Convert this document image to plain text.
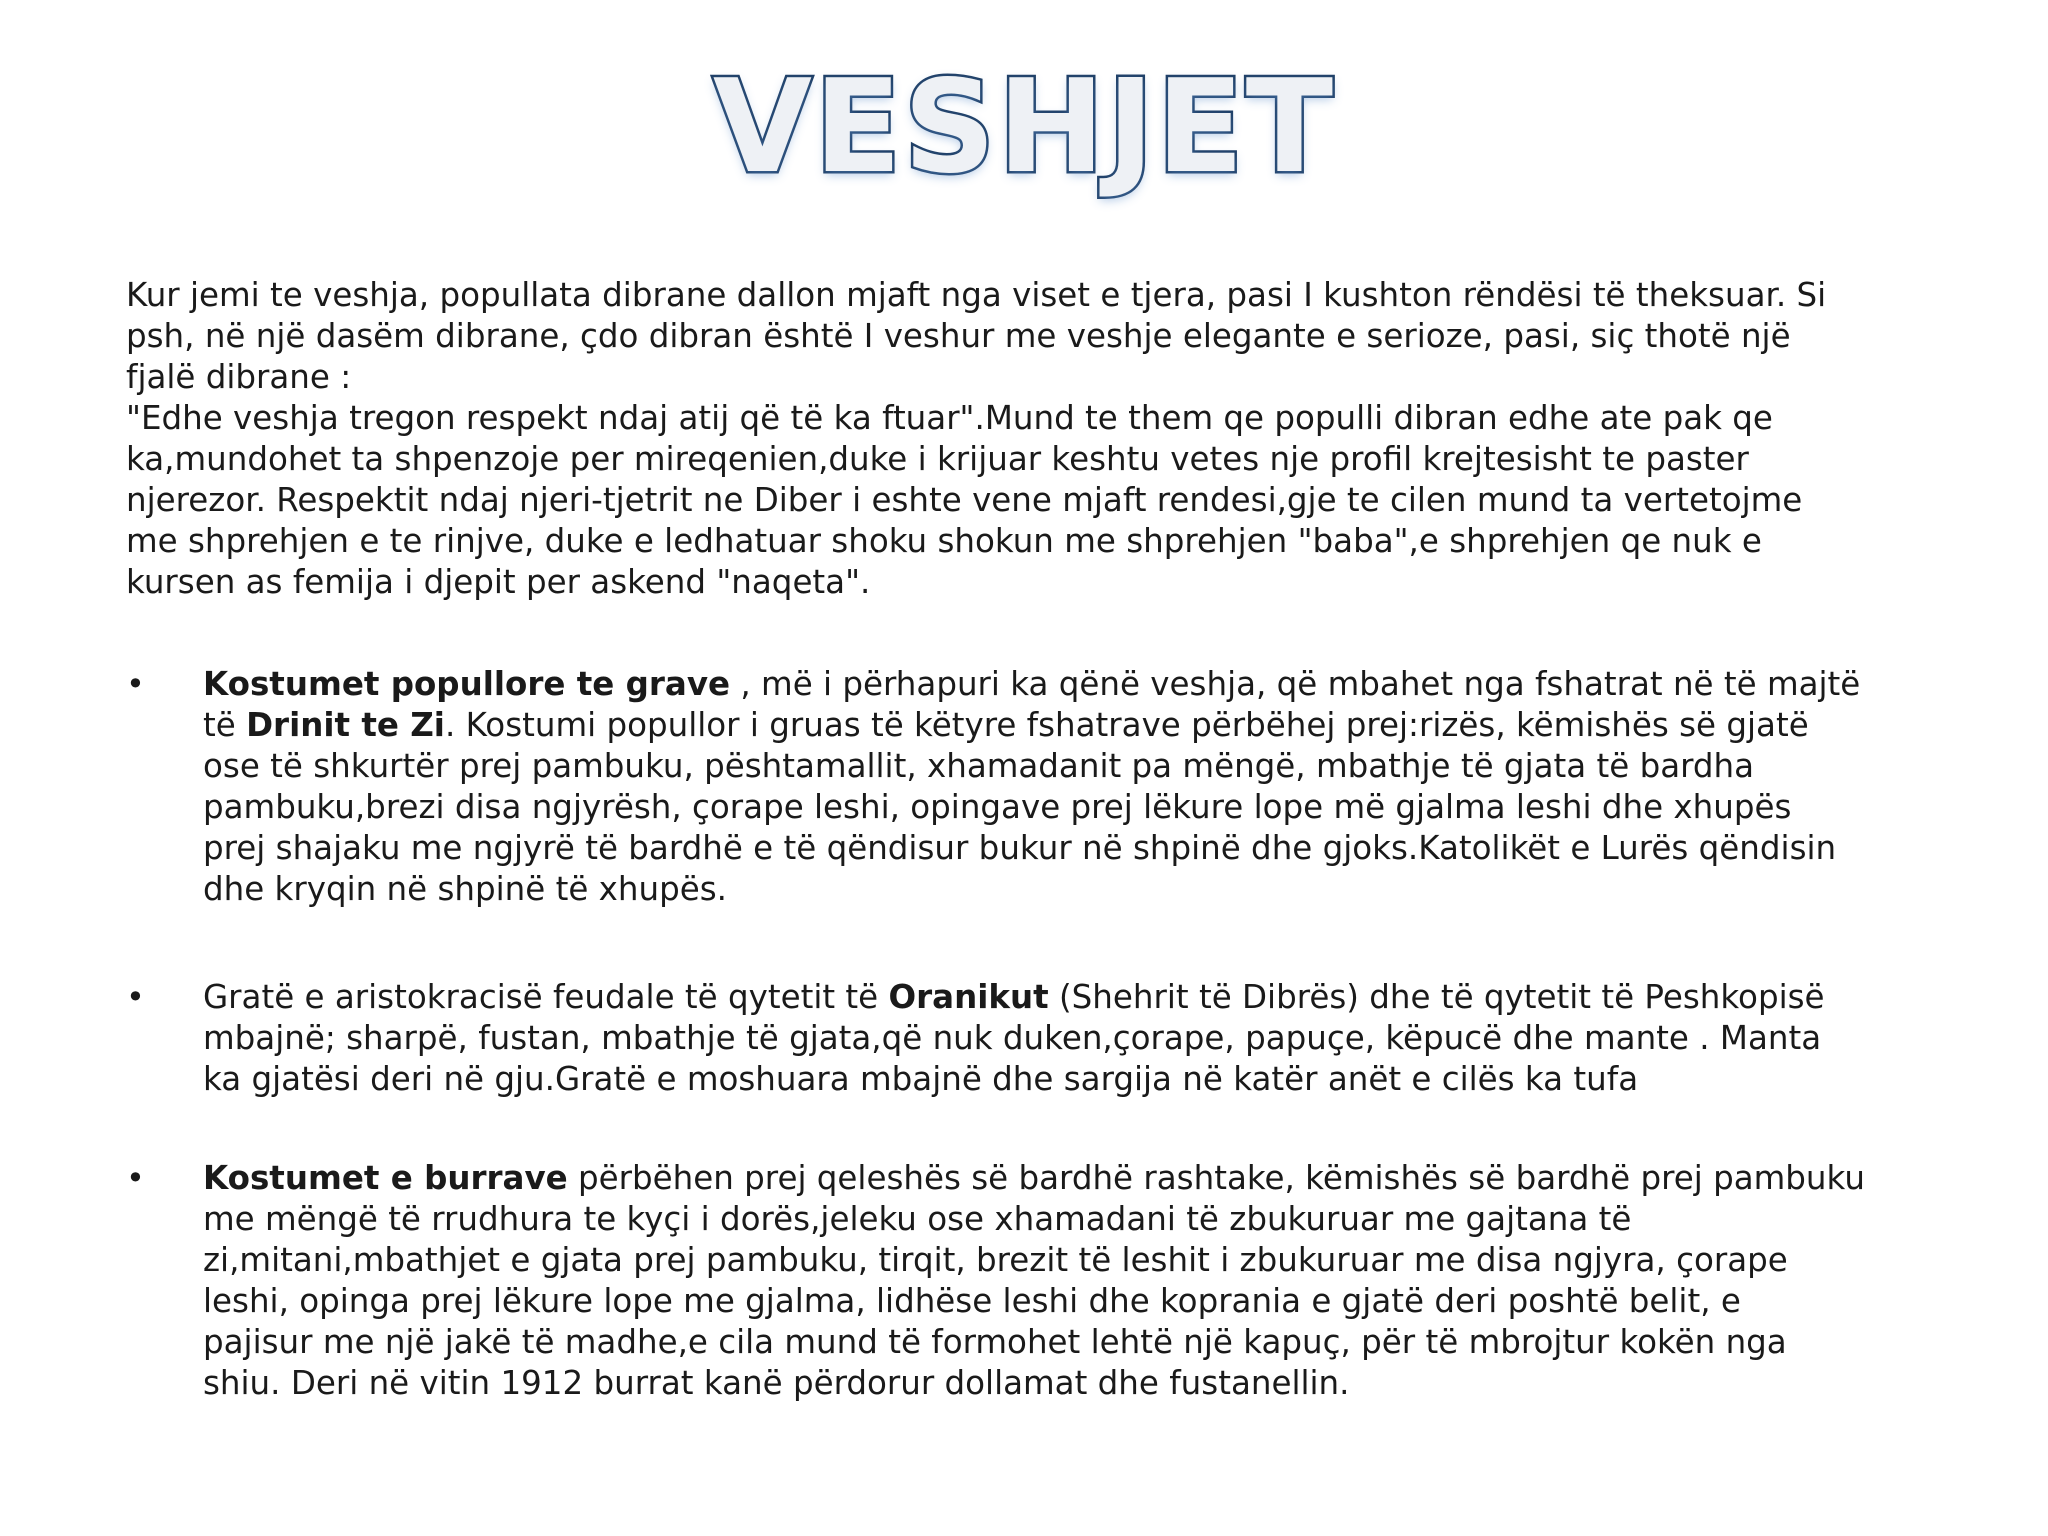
VESHJET

Kur jemi te veshja, popullata dibrane dallon mjaft nga viset e tjera, pasi I kushton rëndësi të theksuar. Si
psh, në një dasëm dibrane, çdo dibran është I veshur me veshje elegante e serioze, pasi, siç thotë një
fjalë dibrane :
"Edhe veshja tregon respekt ndaj atij që të ka ftuar".Mund te them qe populli dibran edhe ate pak qe
ka,mundohet ta shpenzoje per mireqenien,duke i krijuar keshtu vetes nje profil krejtesisht te paster
njerezor. Respektit ndaj njeri-tjetrit ne Diber i eshte vene mjaft rendesi,gje te cilen mund ta vertetojme
me shprehjen e te rinjve, duke e ledhatuar shoku shokun me shprehjen "baba",e shprehjen qe nuk e
kursen as femija i djepit per askend "naqeta".

• Kostumet popullore te grave , më i përhapuri ka qënë veshja, që mbahet nga fshatrat në të majtë
të Drinit te Zi. Kostumi popullor i gruas të këtyre fshatrave përbëhej prej:rizës, këmishës së gjatë
ose të shkurtër prej pambuku, pështamallit, xhamadanit pa mëngë, mbathje të gjata të bardha
pambuku,brezi disa ngjyrësh, çorape leshi, opingave prej lëkure lope më gjalma leshi dhe xhupës
prej shajaku me ngjyrë të bardhë e të qëndisur bukur në shpinë dhe gjoks.Katolikët e Lurës qëndisin
dhe kryqin në shpinë të xhupës.
• Gratë e aristokracisë feudale të qytetit të Oranikut (Shehrit të Dibrës) dhe të qytetit të Peshkopisë
mbajnë; sharpë, fustan, mbathje të gjata,që nuk duken,çorape, papuçe, këpucë dhe mante . Manta
ka gjatësi deri në gju.Gratë e moshuara mbajnë dhe sargija në katër anët e cilës ka tufa
• Kostumet e burrave përbëhen prej qeleshës së bardhë rashtake, këmishës së bardhë prej pambuku
me mëngë të rrudhura te kyçi i dorës,jeleku ose xhamadani të zbukuruar me gajtana të
zi,mitani,mbathjet e gjata prej pambuku, tirqit, brezit të leshit i zbukuruar me disa ngjyra, çorape
leshi, opinga prej lëkure lope me gjalma, lidhëse leshi dhe koprania e gjatë deri poshtë belit, e
pajisur me një jakë të madhe,e cila mund të formohet lehtë një kapuç, për të mbrojtur kokën nga
shiu. Deri në vitin 1912 burrat kanë përdorur dollamat dhe fustanellin.
